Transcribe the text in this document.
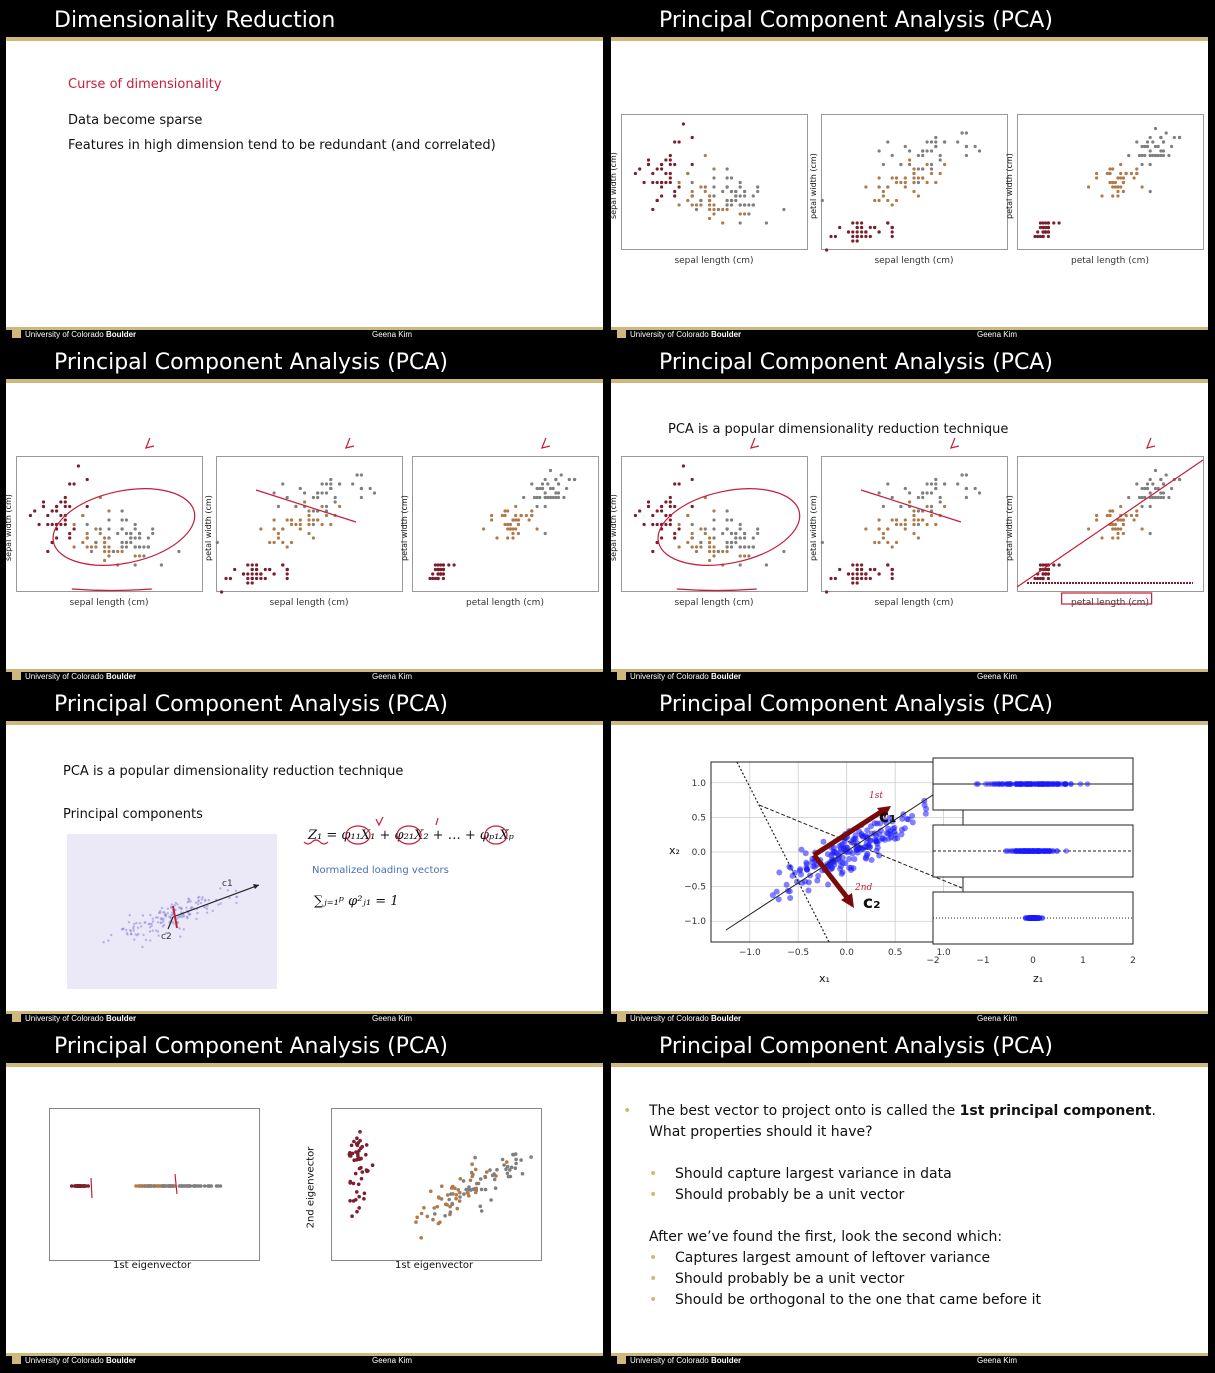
Dimensionality Reduction
Curse of dimensionality
Data become sparse
Features in high dimension tend to be redundant (and correlated)
University of Colorado Boulder	Geena Kim
Principal Component Analysis (PCA)
sepal length (cm)
sepal width (cm)
sepal length (cm)
petal width (cm)
petal length (cm)
petal width (cm)
University of Colorado Boulder	Geena Kim
Principal Component Analysis (PCA)
sepal length (cm)
sepal width (cm)
sepal length (cm)
petal width (cm)
petal length (cm)
petal width (cm)
University of Colorado Boulder	Geena Kim
Principal Component Analysis (PCA)
PCA is a popular dimensionality reduction technique
sepal length (cm)
sepal width (cm)
sepal length (cm)
petal width (cm)
petal length (cm)
petal width (cm)
University of Colorado Boulder	Geena Kim
Principal Component Analysis (PCA)
PCA is a popular dimensionality reduction technique
Principal components
c1
c2
Z₁ = φ₁₁X₁ + φ₂₁X₂ + … + φₚ₁Xₚ
Normalized loading vectors
∑ⱼ₌₁ᵖ φ²ⱼ₁ = 1
University of Colorado Boulder	Geena Kim
Principal Component Analysis (PCA)
c₁
c₂
1st
2nd
−1.0	−0.5	0.0	0.5	1.0
1.0
0.5
0.0
−0.5
−1.0
x₁
x₂
−2	−1	0	1	2
z₁
University of Colorado Boulder	Geena Kim
Principal Component Analysis (PCA)
1st eigenvector	1st eigenvector
2nd eigenvector
University of Colorado Boulder	Geena Kim
Principal Component Analysis (PCA)
• The best vector to project onto is called the 1st principal component.
What properties should it have?
• Should capture largest variance in data
• Should probably be a unit vector
After we’ve found the first, look the second which:
• Captures largest amount of leftover variance
• Should probably be a unit vector
• Should be orthogonal to the one that came before it
University of Colorado Boulder	Geena Kim
